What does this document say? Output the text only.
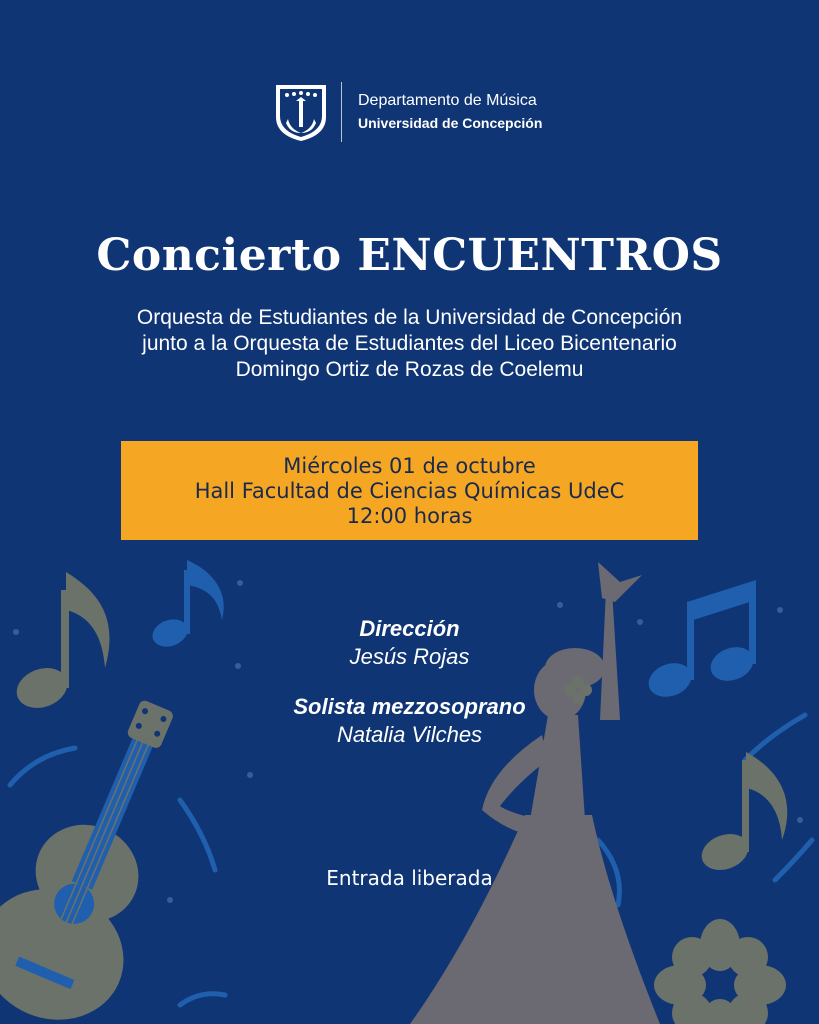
Departamento de Música
Universidad de Concepción
Concierto ENCUENTROS
Orquesta de Estudiantes de la Universidad de Concepción
junto a la Orquesta de Estudiantes del Liceo Bicentenario
Domingo Ortiz de Rozas de Coelemu
Miércoles 01 de octubre
Hall Facultad de Ciencias Químicas UdeC
12:00 horas
Dirección
Jesús Rojas
Solista mezzosoprano
Natalia Vilches
Entrada liberada
